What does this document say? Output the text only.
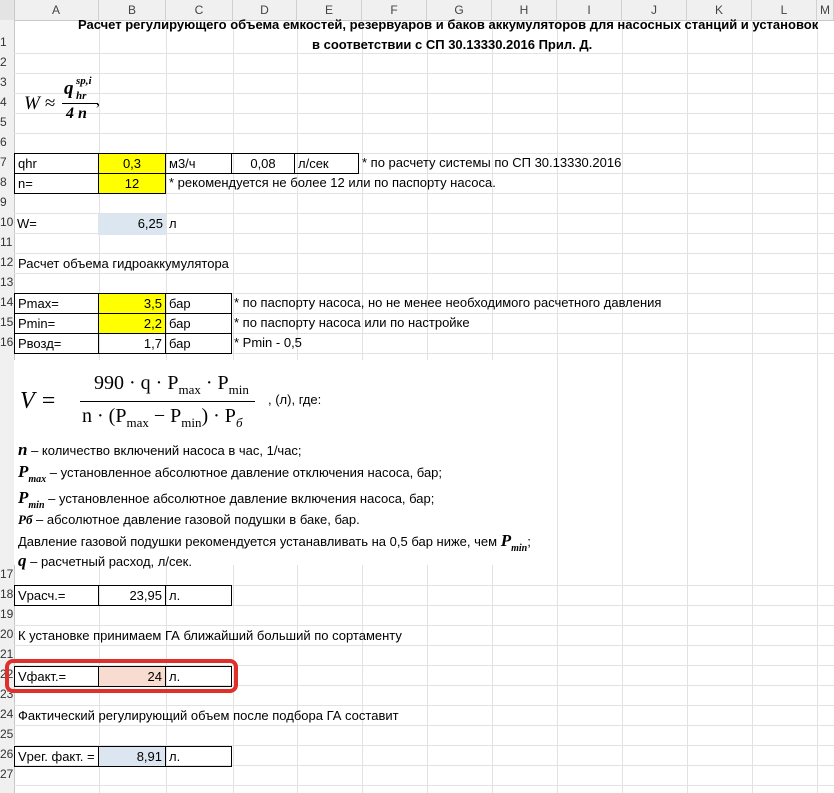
A	B	C	D	E	F	G	H	I	J	K	L	M
1
2
3
4
5
6
7
8
9
10
11
12
13
14
15
16
17
18
19
20
21
22
23
24
25
26
27
Расчет регулирующего объема емкостей, резервуаров и баков аккумуляторов для насосных станций и установок
в соответствии с СП 30.13330.2016 Прил. Д.
W ≈
q sp,i
hr
4 n
,
qhr	0,3	м3/ч	0,08	л/сек	* по расчету системы по СП 30.13330.2016
n=	12	* рекомендуется не более 12 или по паспорту насоса.
W=	6,25 л
Расчет объема гидроаккумулятора
Pmax=	3,5 бар	* по паспорту насоса, но не менее необходимого расчетного давления
Pmin=	2,2 бар	* по паспорту насоса или по настройке
Pвозд=	1,7 бар	* Pmin - 0,5
V =
$990 \cdot q \cdot P_{max} \cdot P_{min}$
$n \cdot (P_{max} - P_{min}) \cdot P_б$
, (л), где:
n – количество включений насоса в час, 1/час;
$P_{max}$ – установленное абсолютное давление отключения насоса, бар;
$P_{min}$ – установленное абсолютное давление включения насоса, бар;
Pб – абсолютное давление газовой подушки в баке, бар.
Давление газовой подушки рекомендуется устанавливать на 0,5 бар ниже, чем $P_{min}$;
q – расчетный расход, л/сек.
Vрасч.=	23,95 л.
К установке принимаем ГА ближайший больший по сортаменту
Vфакт.=	24 л.
Фактический регулирующий объем после подбора ГА составит
Vрег. факт. =	8,91 л.
